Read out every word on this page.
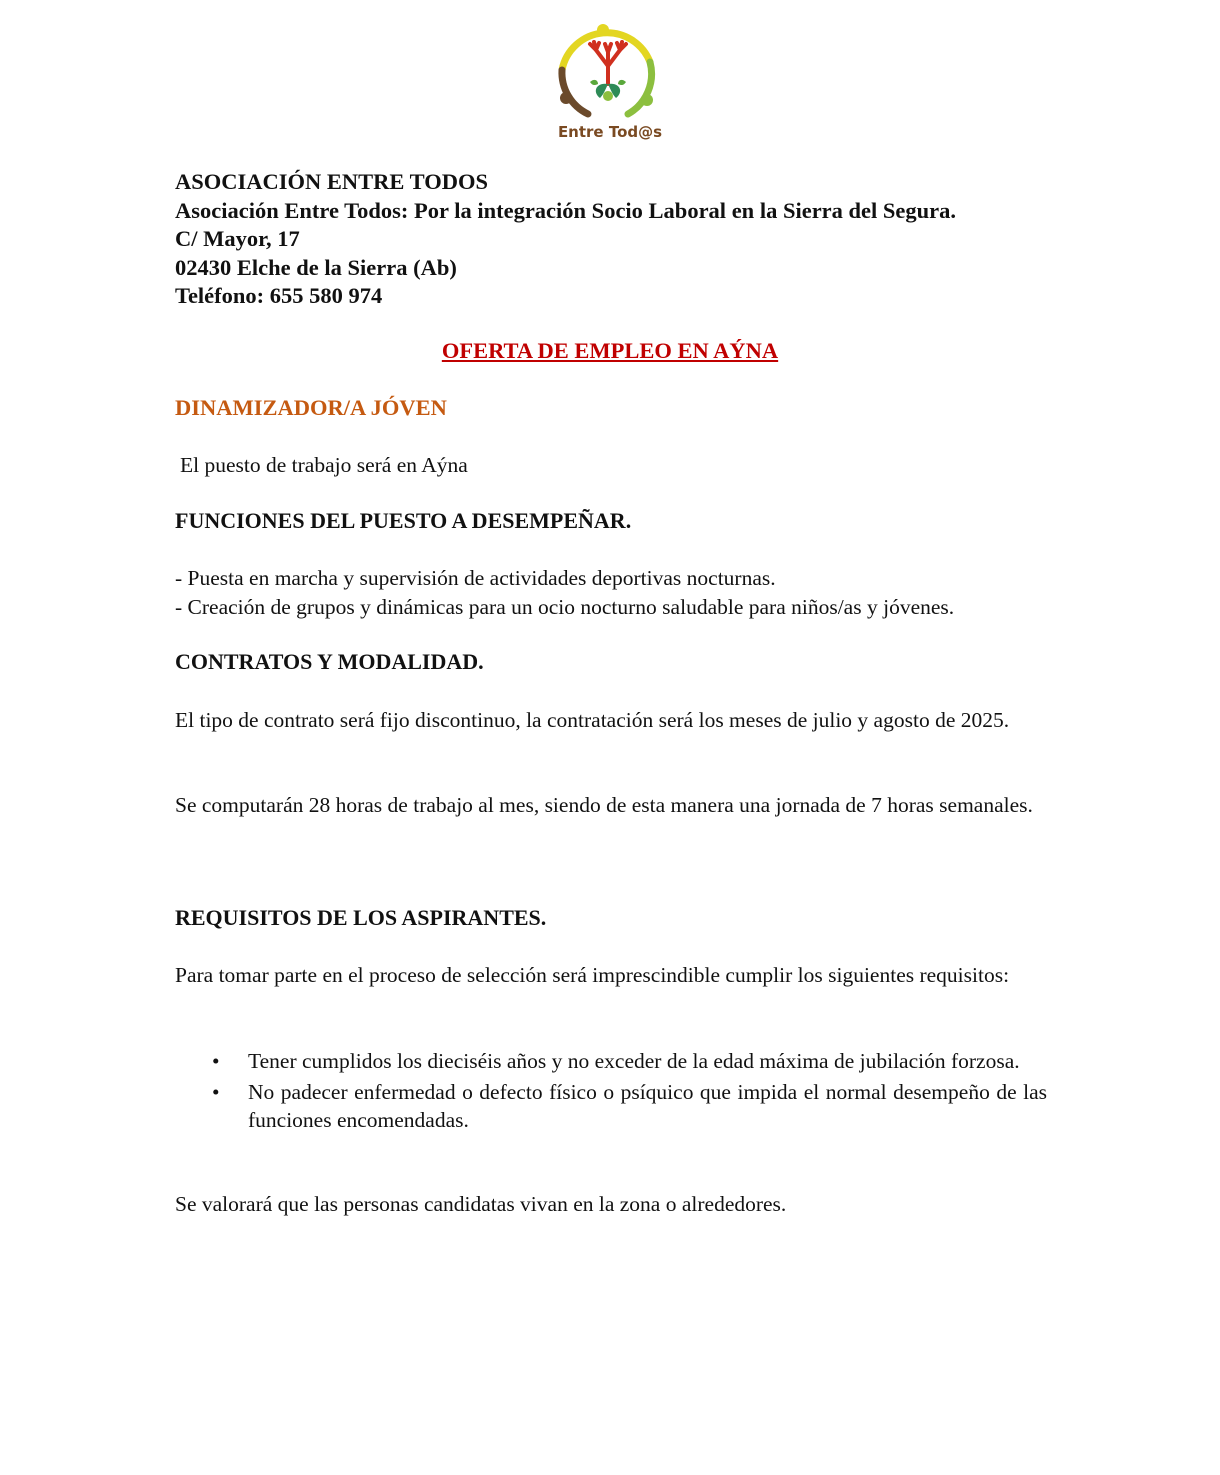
Entre Tod@s
ASOCIACIÓN ENTRE TODOS
Asociación Entre Todos: Por la integración Socio Laboral en la Sierra del Segura.
C/ Mayor, 17
02430 Elche de la Sierra (Ab)
Teléfono: 655 580 974
OFERTA DE EMPLEO EN AÝNA
DINAMIZADOR/A JÓVEN
El puesto de trabajo será en Aýna
FUNCIONES DEL PUESTO A DESEMPEÑAR.
- Puesta en marcha y supervisión de actividades deportivas nocturnas.
- Creación de grupos y dinámicas para un ocio nocturno saludable para niños/as y jóvenes.
CONTRATOS Y MODALIDAD.
El tipo de contrato será fijo discontinuo, la contratación será los meses de julio y agosto de 2025.
Se computarán 28 horas de trabajo al mes, siendo de esta manera una jornada de 7 horas semanales.
REQUISITOS DE LOS ASPIRANTES.
Para tomar parte en el proceso de selección será imprescindible cumplir los siguientes requisitos:
• Tener cumplidos los dieciséis años y no exceder de la edad máxima de jubilación forzosa.
• No padecer enfermedad o defecto físico o psíquico que impida el normal desempeño de las funciones encomendadas.
Se valorará que las personas candidatas vivan en la zona o alrededores.
